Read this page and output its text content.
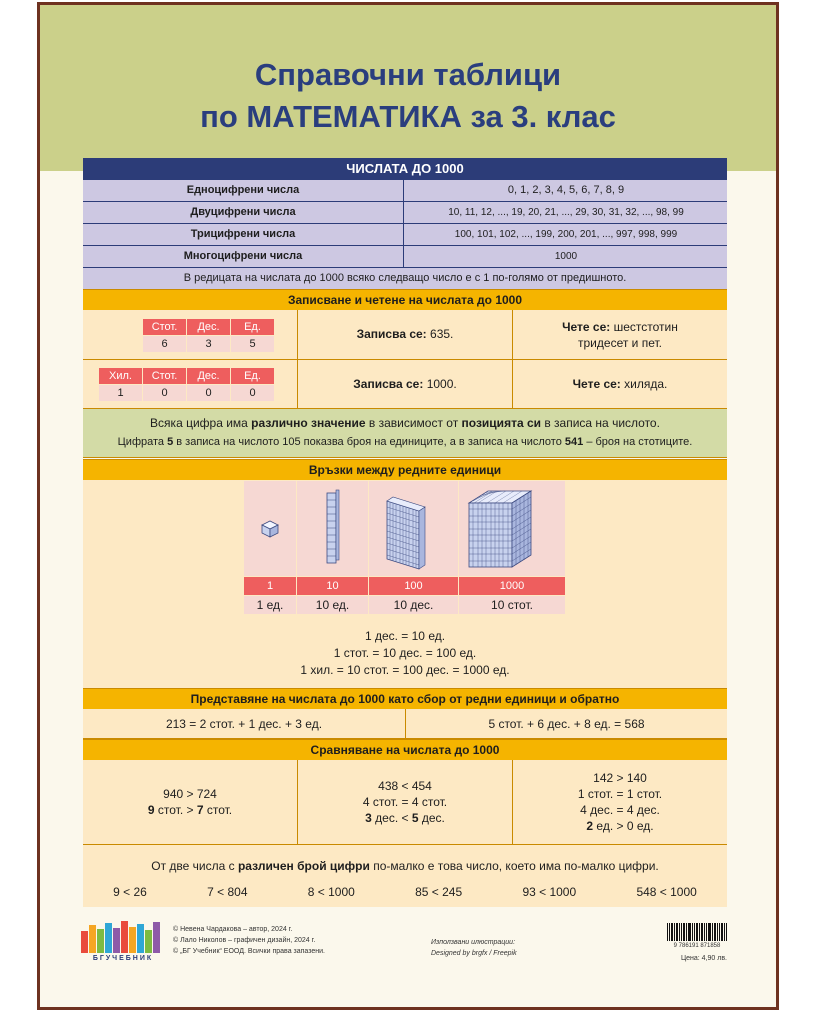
Справочни таблици
по МАТЕМАТИКА за 3. клас
ЧИСЛАТА ДО 1000
Едноцифрени числа	0, 1, 2, 3, 4, 5, 6, 7, 8, 9
Двуцифрени числа	10, 11, 12, ..., 19, 20, 21, ..., 29, 30, 31, 32, ..., 98, 99
Трицифрени числа	100, 101, 102, ..., 199, 200, 201, ..., 997, 998, 999
Многоцифрени числа	1000
В редицата на числата до 1000 всяко следващо число е с 1 по-голямо от предишното.
Записване и четене на числата до 1000
Стот.	Дес.	Ед.
6	3	5
Записва се: 635.	Чете се: шестстотин
тридесет и пет.
Хил.	Стот.	Дес.	Ед.
1	0	0	0
Записва се: 1000.	Чете се: хиляда.
Всяка цифра има различно значение в зависимост от позицията си в записа на числото.
Цифрата 5 в записа на числото 105 показва броя на единиците, а в записа на числото 541 – броя на стотиците.
Връзки между редните единици
1	10	100	1000
1 ед.	10 ед.	10 дес.	10 стот.
1 дес. = 10 ед.
1 стот. = 10 дес. = 100 ед.
1 хил. = 10 стот. = 100 дес. = 1000 ед.
Представяне на числата до 1000 като сбор от редни единици и обратно
213 = 2 стот. + 1 дес. + 3 ед.	5 стот. + 6 дес. + 8 ед. = 568
Сравняване на числата до 1000
940 > 724
9 стот. > 7 стот.
438 < 454
4 стот. = 4 стот.
3 дес. < 5 дес.
142 > 140
1 стот. = 1 стот.
4 дес. = 4 дес.
2 ед. > 0 ед.
От две числа с различен брой цифри по-малко е това число, което има по-малко цифри.
9 < 26	7 < 804	8 < 1000	85 < 245	93 < 1000	548 < 1000
БГУЧЕБНИК
© Невена Чардакова – автор, 2024 г.
© Лало Николов – графичен дизайн, 2024 г.
© „БГ Учебник“ ЕООД. Всички права запазени.
Използвани илюстрации:
Designed by brgfx / Freepik
9 786191 871858
Цена: 4,90 лв.
